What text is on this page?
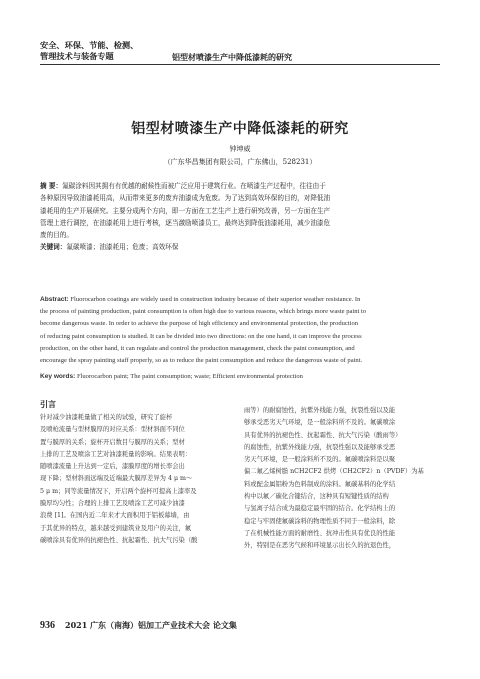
安全、环保、节能、检测、
管理技术与装备专题	铝型材喷漆生产中降低漆耗的研究
铝型材喷漆生产中降低漆耗的研究
钟坤威
（广东华昌集团有限公司，广东佛山，528231）
摘 要：氟碳涂料因其拥有有优越的耐候性而被广泛应用于建筑行业。在喷漆生产过程中，往往由于
各种原因导致油漆耗用高，从而带来更多的废弃油漆成为危废。为了达到高效环保的目的，对降低油
漆耗用的生产开展研究。主要分成两个方向，即一方面在工艺生产上进行研究改善，另一方面在生产
管理上进行调控，在油漆耗用上进行考核，逐当激励喷漆员工，最终达到降低油漆耗用，减少油漆危
废的目的。
关键词：氟碳喷漆；油漆耗用；危废；高效环保
Abstract: Fluorocarbon coatings are widely used in construction industry because of their superior weather resistance. In
the process of painting production, paint consumption is often high due to various reasons, which brings more waste paint to
become dangerous waste. In order to achieve the purpose of high efficiency and environmental protection, the production
of reducing paint consumption is studied. It can be divided into two directions: on the one hand, it can improve the process
production, on the other hand, it can regulate and control the production management, check the paint consumption, and
encourage the spray painting staff properly, so as to reduce the paint consumption and reduce the dangerous waste of paint.
Key words: Fluorocarbon paint; The paint consumption; waste; Efficient environmental protection
引言
针对减少油漆耗量做了相关的试验，研究了旋杯
及喷枪流量与型材膜厚的对应关系：型材斜面不同位
置与膜厚的关系；旋杯开启数目与膜厚的关系；型材
上排的工艺及喷涂工艺对油漆耗量的影响。结果表明：
随喷漆流量上升达到一定后，漆膜厚度的增长率会出
现下降；型材斜面远端及近端最大膜厚差异为 4 μ m～
5 μ m；同等流量情况下，开启两个旋杯可提高上漆率及
膜厚均匀性；合理的上排工艺及喷涂工艺可减少油漆
浪费 [1]。在国内近二年来才大面积用于铝板幕墙，由
于其优异的特点，越来越受到建筑业及用户的关注，氟
碳喷涂具有优异的抗褪色性、抗起霜性、抗大气污染（酸
雨等）的耐腐蚀性，抗紫外线能力强，抗裂性强以及能
够承受恶劣天气环境，是一般涂料所不及的。氟碳喷涂
具有优异的抗褪色性、抗起霜性、抗大气污染（酸雨等）
的腐蚀性，抗紫外线能力强，抗裂性强以及能够承受恶
劣天气环境，是一般涂料所不及的。氟碳喷涂料是以聚
偏二氟乙烯树脂 nCH2CF2 烘烤（CH2CF2）n（PVDF）为基
料或配金属铝粉为色料制成的涂料。氟碳基料的化学结
构中以氟／碳化合键结合，这种具有短键性质的结构
与氢离子结合成为最稳定最牢固的结合。化学结构上的
稳定与牢固使氟碳涂料的物理性质不同于一般涂料，除
了在机械性能方面的耐磨性、抗冲击性具有优良的性能
外，特别是在恶劣气候和环境显示出长久的抗退色性，
936 2021 广东（南海）铝加工产业技术大会 论文集
